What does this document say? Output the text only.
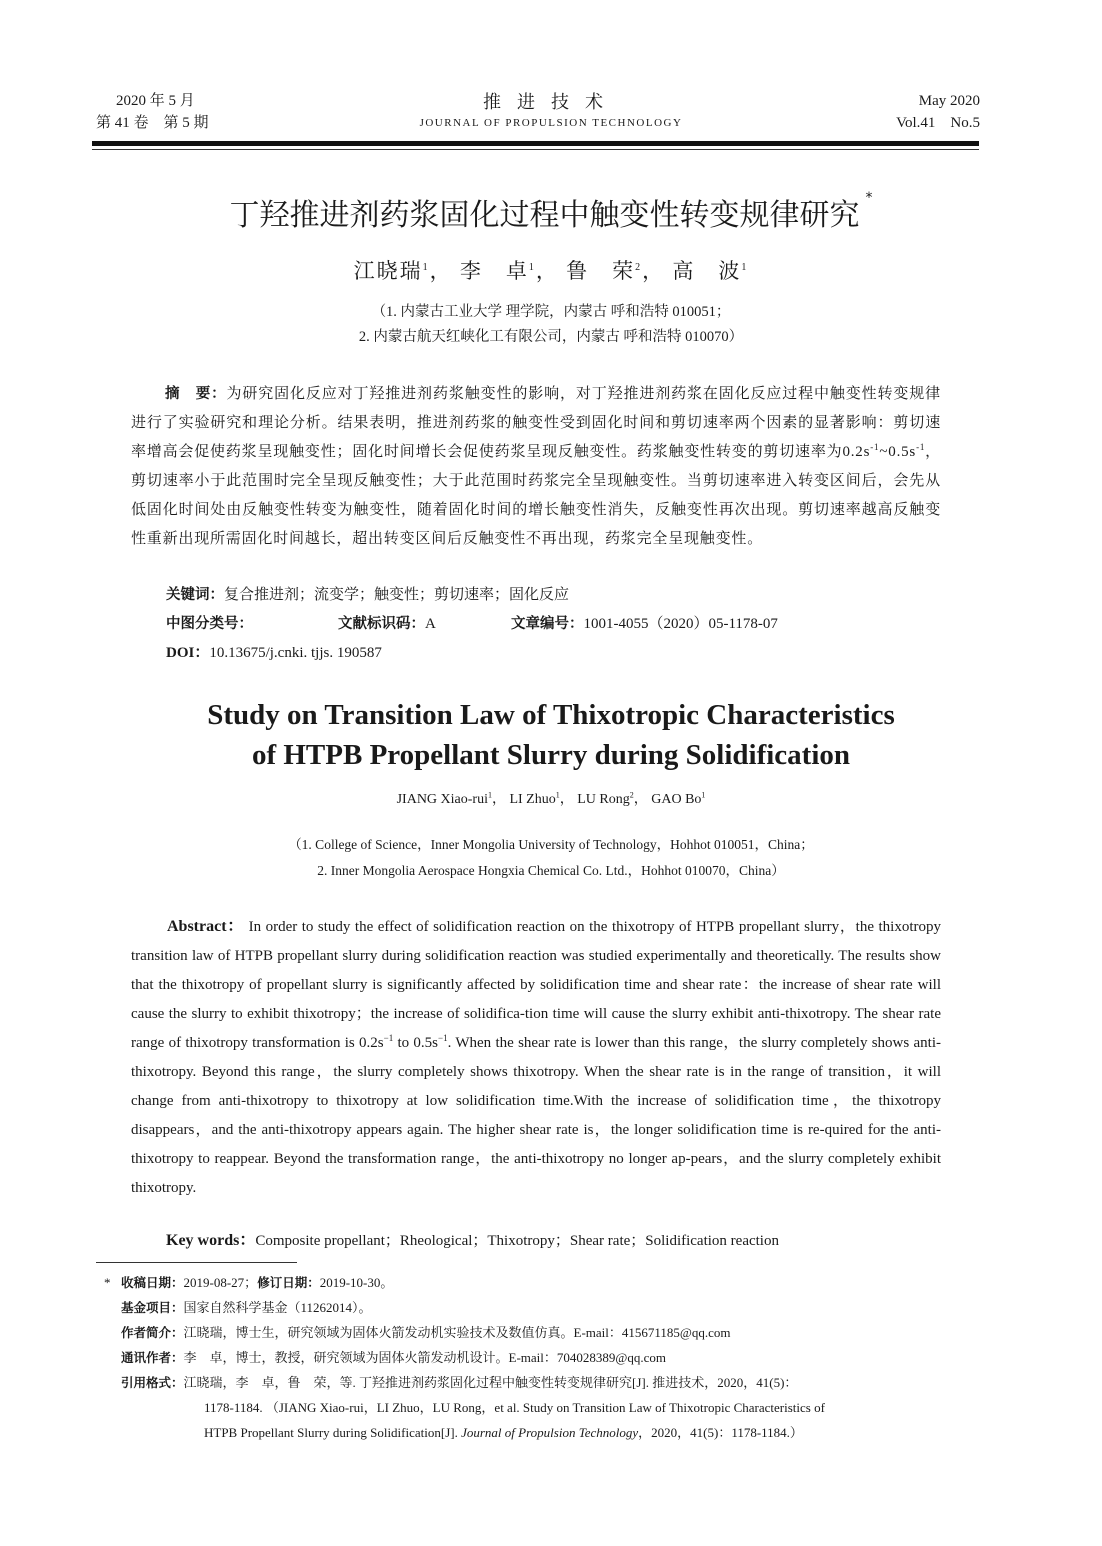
2020 年 5 月
第 41 卷　第 5 期
推进技术
JOURNAL OF PROPULSION TECHNOLOGY
May 2020
Vol.41　No.5
丁羟推进剂药浆固化过程中触变性转变规律研究 *
江晓瑞$^1$， 李　卓$^1$， 鲁　荣$^2$， 高　波$^1$
（1. 内蒙古工业大学 理学院，内蒙古 呼和浩特 010051；
2. 内蒙古航天红峡化工有限公司，内蒙古 呼和浩特 010070）
摘　要：为研究固化反应对丁羟推进剂药浆触变性的影响，对丁羟推进剂药浆在固化反应过程中触变性转变规律进行了实验研究和理论分析。结果表明，推进剂药浆的触变性受到固化时间和剪切速率两个因素的显著影响：剪切速率增高会促使药浆呈现触变性；固化时间增长会促使药浆呈现反触变性。药浆触变性转变的剪切速率为$0.2s^{-1}\sim 0.5s^{-1}$，剪切速率小于此范围时完全呈现反触变性；大于此范围时药浆完全呈现触变性。当剪切速率进入转变区间后，会先从低固化时间处由反触变性转变为触变性，随着固化时间的增长触变性消失，反触变性再次出现。剪切速率越高反触变性重新出现所需固化时间越长，超出转变区间后反触变性不再出现，药浆完全呈现触变性。
关键词：复合推进剂；流变学；触变性；剪切速率；固化反应
中图分类号：	文献标识码：A	文章编号：1001-4055（2020）05-1178-07
DOI：10.13675/j.cnki. tjjs. 190587
Study on Transition Law of Thixotropic Characteristics
of HTPB Propellant Slurry during Solidification
JIANG Xiao-rui$^1$， LI Zhuo$^1$， LU Rong$^2$， GAO Bo$^1$
（1. College of Science，Inner Mongolia University of Technology，Hohhot 010051，China；
2. Inner Mongolia Aerospace Hongxia Chemical Co. Ltd.，Hohhot 010070，China）
Abstract： In order to study the effect of solidification reaction on the thixotropy of HTPB propellant slurry，the thixotropy transition law of HTPB propellant slurry during solidification reaction was studied experimentally and theoretically. The results show that the thixotropy of propellant slurry is significantly affected by solidification time and shear rate：the increase of shear rate will cause the slurry to exhibit thixotropy；the increase of solidifica-tion time will cause the slurry exhibit anti-thixotropy. The shear rate range of thixotropy transformation is $0.2s^{-1}$ to $0.5s^{-1}$. When the shear rate is lower than this range，the slurry completely shows anti-thixotropy. Beyond this range，the slurry completely shows thixotropy. When the shear rate is in the range of transition，it will change from anti-thixotropy to thixotropy at low solidification time.With the increase of solidification time，the thixotropy disappears，and the anti-thixotropy appears again. The higher shear rate is，the longer solidification time is re-quired for the anti-thixotropy to reappear. Beyond the transformation range，the anti-thixotropy no longer ap-pears，and the slurry completely exhibit thixotropy.
Key words：Composite propellant；Rheological；Thixotropy；Shear rate；Solidification reaction
* 收稿日期：2019-08-27；修订日期：2019-10-30。
基金项目：国家自然科学基金（11262014）。
作者简介：江晓瑞，博士生，研究领域为固体火箭发动机实验技术及数值仿真。E-mail：415671185@qq.com
通讯作者：李　卓，博士，教授，研究领域为固体火箭发动机设计。E-mail：704028389@qq.com
引用格式：江晓瑞，李　卓，鲁　荣，等. 丁羟推进剂药浆固化过程中触变性转变规律研究[J]. 推进技术，2020，41(5)：
1178-1184. （JIANG Xiao-rui，LI Zhuo，LU Rong，et al. Study on Transition Law of Thixotropic Characteristics of
HTPB Propellant Slurry during Solidification[J]. Journal of Propulsion Technology，2020，41(5)：1178-1184.）
